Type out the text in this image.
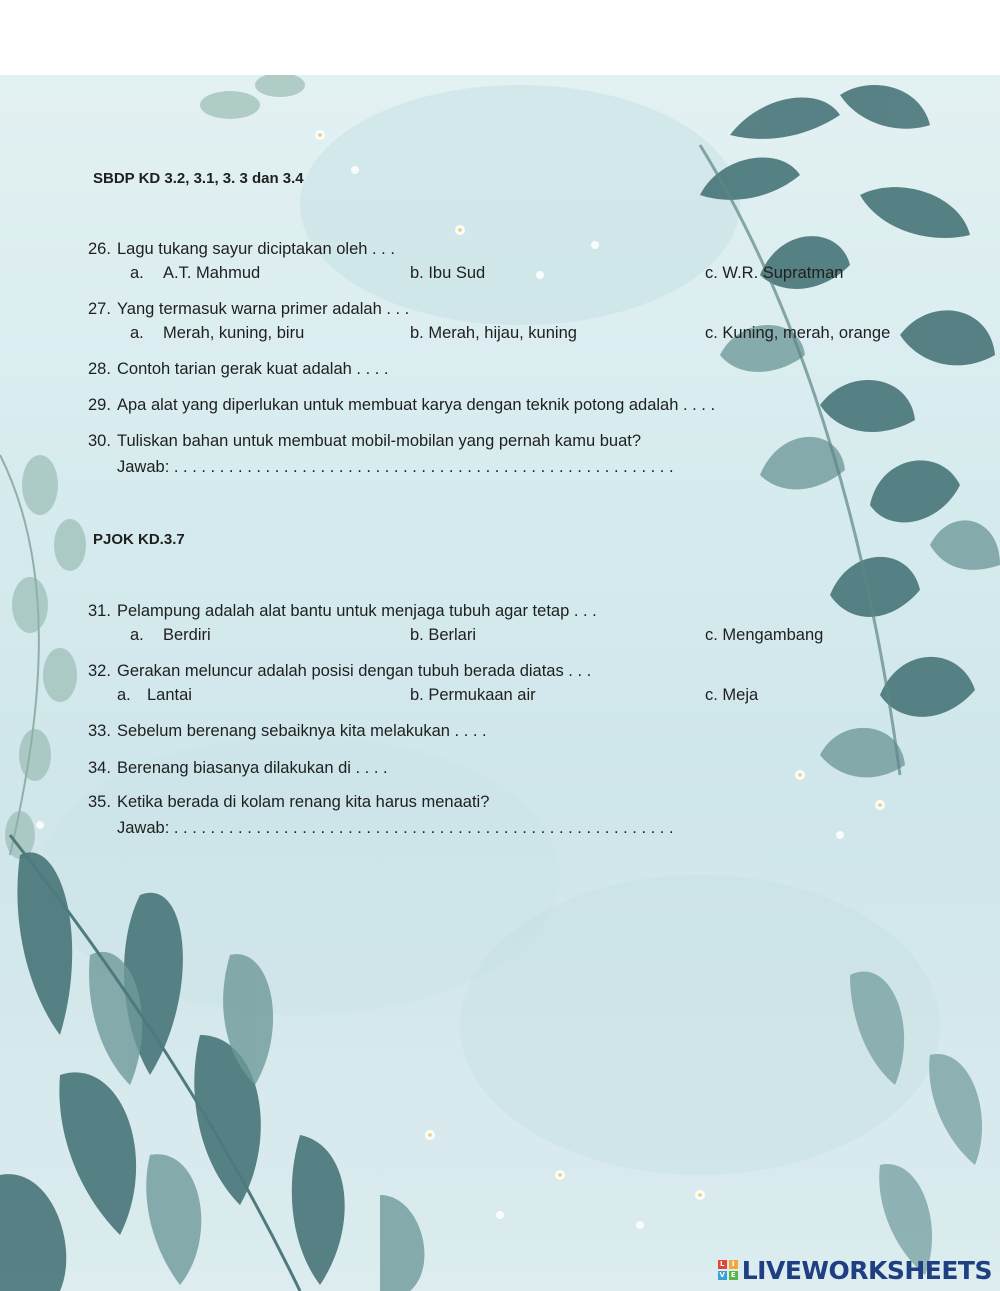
SBDP KD 3.2, 3.1, 3. 3 dan 3.4
26. Lagu tukang sayur diciptakan oleh . . .
a. A.T. Mahmud	b. Ibu Sud	c. W.R. Supratman
27. Yang termasuk warna primer adalah . . .
a. Merah, kuning, biru	b. Merah, hijau, kuning	c. Kuning, merah, orange
28. Contoh tarian gerak kuat adalah . . . .
29. Apa alat yang diperlukan untuk membuat karya dengan teknik potong adalah . . . .
30. Tuliskan bahan untuk membuat mobil-mobilan yang pernah kamu buat?
Jawab: . . . . . . . . . . . . . . . . . . . . . . . . . . . . . . . . . . . . . . . . . . . . . . . . . . . . . . .
PJOK KD.3.7
31. Pelampung adalah alat bantu untuk menjaga tubuh agar tetap . . .
a. Berdiri	b. Berlari	c. Mengambang
32. Gerakan meluncur adalah posisi dengan tubuh berada diatas . . .
a. Lantai	b. Permukaan air	c. Meja
33. Sebelum berenang sebaiknya kita melakukan . . . .
34. Berenang biasanya dilakukan di . . . .
35. Ketika berada di kolam renang kita harus menaati?
Jawab: . . . . . . . . . . . . . . . . . . . . . . . . . . . . . . . . . . . . . . . . . . . . . . . . . . . . . . .
L	I
V E LIVEWORKSHEETS
